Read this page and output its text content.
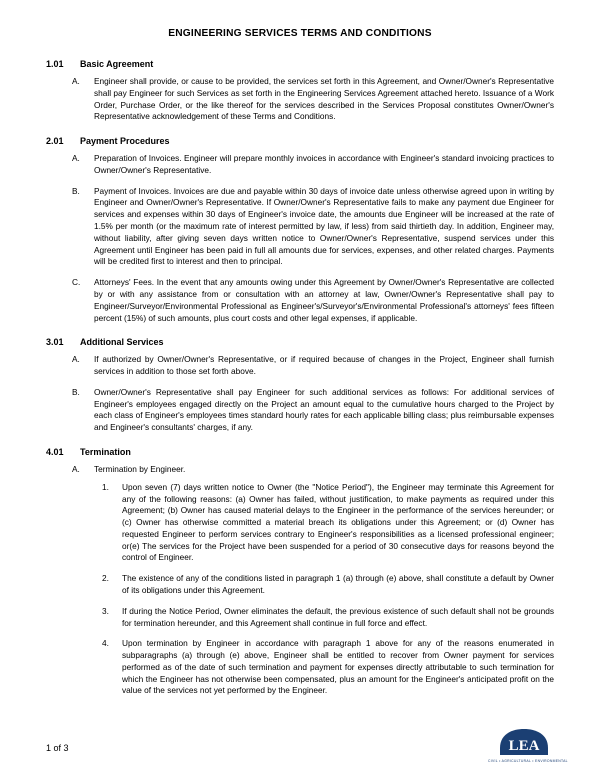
ENGINEERING SERVICES TERMS AND CONDITIONS
1.01	Basic Agreement
A.	Engineer shall provide, or cause to be provided, the services set forth in this Agreement, and Owner/Owner's Representative shall pay Engineer for such Services as set forth in the Engineering Services Agreement attached hereto. Issuance of a Work Order, Purchase Order, or the like thereof for the services described in the Services Proposal constitutes Owner/Owner's Representative acknowledgement of these Terms and Conditions.
2.01	Payment Procedures
A.	Preparation of Invoices. Engineer will prepare monthly invoices in accordance with Engineer's standard invoicing practices to Owner/Owner's Representative.
B.	Payment of Invoices. Invoices are due and payable within 30 days of invoice date unless otherwise agreed upon in writing by Engineer and Owner/Owner's Representative. If Owner/Owner's Representative fails to make any payment due Engineer for services and expenses within 30 days of Engineer's invoice date, the amounts due Engineer will be increased at the rate of 1.5% per month (or the maximum rate of interest permitted by law, if less) from said thirtieth day. In addition, Engineer may, without liability, after giving seven days written notice to Owner/Owner's Representative, suspend services under this Agreement until Engineer has been paid in full all amounts due for services, expenses, and other related charges. Payments will be credited first to interest and then to principal.
C.	Attorneys' Fees. In the event that any amounts owing under this Agreement by Owner/Owner's Representative are collected by or with any assistance from or consultation with an attorney at law, Owner/Owner's Representative shall pay to Engineer/Surveyor/Environmental Professional as Engineer's/Surveyor's/Environmental Professional's attorneys' fees fifteen percent (15%) of such amounts, plus court costs and other legal expenses, if applicable.
3.01	Additional Services
A.	If authorized by Owner/Owner's Representative, or if required because of changes in the Project, Engineer shall furnish services in addition to those set forth above.
B.	Owner/Owner's Representative shall pay Engineer for such additional services as follows: For additional services of Engineer's employees engaged directly on the Project an amount equal to the cumulative hours charged to the Project by each class of Engineer's employees times standard hourly rates for each applicable billing class; plus reimbursable expenses and Engineer's consultants' charges, if any.
4.01	Termination
A.	Termination by Engineer.
1.	Upon seven (7) days written notice to Owner (the "Notice Period"), the Engineer may terminate this Agreement for any of the following reasons: (a) Owner has failed, without justification, to make payments as required under this Agreement; (b) Owner has caused material delays to the Engineer in the performance of the services hereunder; or (c) Owner has otherwise committed a material breach its obligations under this Agreement; or (d) Owner has requested Engineer to perform services contrary to Engineer's responsibilities as a licensed professional engineer; or(e) The services for the Project have been suspended for a period of 30 consecutive days for reasons beyond the control of Engineer.
2.	The existence of any of the conditions listed in paragraph 1 (a) through (e) above, shall constitute a default by Owner of its obligations under this Agreement.
3.	If during the Notice Period, Owner eliminates the default, the previous existence of such default shall not be grounds for termination hereunder, and this Agreement shall continue in full force and effect.
4.	Upon termination by Engineer in accordance with paragraph 1 above for any of the reasons enumerated in subparagraphs (a) through (e) above, Engineer shall be entitled to recover from Owner payment for services performed as of the date of such termination and payment for expenses directly attributable to such termination for which the Engineer has not otherwise been compensated, plus an amount for the Engineer's anticipated profit on the value of the services not yet performed by the Engineer.
1 of 3	LEA
CIVIL • AGRICULTURAL • ENVIRONMENTAL
